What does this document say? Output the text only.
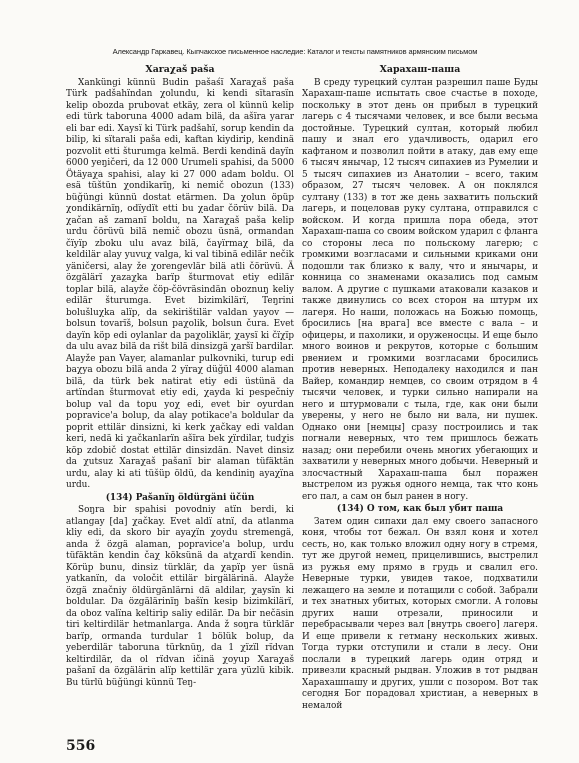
Александр Гаркавец. Кыпчакское письменное наследие: Каталог и тексты памятников армянским письмом
Xaraχaš paša

Xanküngi künnü Budin pašaśï Xaraχaš paša Türk padšahïndan χolundu, ki kendi sïtarasïn kelip obozda prubovat etkäy, zera ol künnü kelip edi türk taboruna 4000 adam bilä, da ašïra yarar eli bar edi. Xaysï ki Türk padšahï, sorup kendin da bilip, ki sïtarali paša edi, kaftan kiydirip, kendinä pozvolit etti šturumga kelmä. Berdi kendinä dayïn 6000 yeŋičeri, da 12 000 Urumeli spahisi, da 5000 Ötäyaχa spahisi, alay ki 27 000 adam boldu. Ol esä tüštün χondikarïŋ, ki nemič obozun (133) büğüngi künnü dostat etärmen. Da χolun öpüp χondikärnïŋ, odïydït etti bu χadar čörüv bilä. Da χačan aš zamanï boldu, na Xaraχaš paša kelip urdu čörüvü bilä nemič obozu üsnä, ormandan čïyïp zboku ulu avaz bilä, čaγïrmaχ bilä, da keldilär alay yuvuχ valga, ki val tibinä edilär nečik yäničersi, alay že χorengevlär bilä atli čörüvü. Ä özgälärï χazaχka barïp šturmovat etiy edilär toplar bilä, alayže čöp-čövräsindän oboznuŋ keliy edilär šturumga. Evet bizimkilärï, Teŋrini bolušluχka alïp, da sekirištilär valdan yayov — bolsun tovarïš, bolsun paχolik, bolsun čura. Evet dayïn köp edi oylanlar da paχoliklär, χaysï ki čïχïp da ulu avaz bilä da rišt bilä dinsizgä χaršï bardilar. Alayže pan Vayer, alamanlar pulkovniki, turup edi baχya obozu bilä anda 2 yïraχ düğül 4000 alaman bilä, da türk bek natirat etiy edi üstünä da artïndan šturmovat etiy edi, χayda ki pespečniy bolup val da topu yoχ edi, evet bir oyurdan popravice'a bolup, da alay potikace'a boldular da poprit ettilär dinsizni, ki kerk χačkay edi valdan keri, nedä ki χačkanlarïn ašïra bek χïrdilar, tudχis köp zdobič dostat ettilär dinsizdän. Navet dinsiz da χutsuz Xaraχaš pašanï bir alaman tüfäktän urdu, alay ki ati tüšüp öldü, da kendiniŋ ayaχïna urdu.

(134) Pašanïŋ öldürgäni üčün

Soŋra bir spahisi povodniy atïn berdi, ki atlangay [da] χačkay. Evet aldï atnï, da atlanma kliy edi, da skoro bir ayaχïn χoydu stremengä, anda ž özgä alaman, popravice'a bolup, urdu tüfäktän kendin čaχ köksünä da atχardï kendin. Körüp bunu, dinsiz türklär, da χapïp yer üsnä yatkanïn, da voločit ettilär birgälärinä. Alayže özgä značniy öldürgänlärni dä aldilar, χaysïn ki boldular. Da özgälärinïŋ bašïn kesip bizimkilärï, da oboz valïna keltirip saliy edilär. Da bir nečäsin tiri keltirdilär hetmanlarga. Anda ž soŋra türklär barïp, ormanda turdular 1 bölük bolup, da yeberdilär taboruna türknüŋ, da 1 χïzïl rïdvan keltirdilär, da ol rïdvan ičinä χoyup Xaraχaš pašanï da özgälärin alïp kettilär χara yüzlü kibik. Bu türlü büğüngi künnü Teŋ-

Харахаш-паша

В среду турецкий султан разрешил паше Буды Харахаш-паше испытать свое счастье в походе, поскольку в этот день он прибыл в турецкий лагерь с 4 тысячами человек, и все были весьма достойные. Турецкий султан, который любил пашу и знал его удачливость, одарил его кафтаном и позволил пойти в атаку, дав ему еще 6 тысяч янычар, 12 тысяч сипахиев из Румелии и 5 тысяч сипахиев из Анатолии – всего, таким образом, 27 тысяч человек. А он поклялся султану (133) в тот же день захватить польский лагерь, и поцеловав руку султана, отправился с войском. И когда пришла пора обеда, этот Харахаш-паша со своим войском ударил с фланга со стороны леса по польскому лагерю; с громкими возгласами и сильными криками они подошли так близко к валу, что и янычары, и конница со знаменами оказались под самым валом. А другие с пушками атаковали казаков и также двинулись со всех сторон на штурм их лагеря. Но наши, положась на Божью помощь, бросились [на врага] все вместе с вала – и офицеры, и пахолики, и оруженосцы. И еще было много воинов и рекрутов, которые с большим рвением и громкими возгласами бросились против неверных. Неподалеку находился и пан Вайер, командир немцев, со своим отрядом в 4 тысячи человек, и турки сильно напирали на него и штурмовали с тыла, где, как они были уверены, у него не было ни вала, ни пушек. Однако они [немцы] сразу построились и так погнали неверных, что тем пришлось бежать назад; они перебили очень многих убегающих и захватили у неверных много добычи. Неверный и злосчастный Харахаш-паша был поражен выстрелом из ружья одного немца, так что конь его пал, а сам он был ранен в ногу.

(134) О том, как был убит паша

Затем один сипахи дал ему своего запасного коня, чтобы тот бежал. Он взял коня и хотел сесть, но, как только вложил одну ногу в стремя, тут же другой немец, прицелившись, выстрелил из ружья ему прямо в грудь и свалил его. Неверные турки, увидев такое, подхватили лежащего на земле и потащили с собой. Забрали и тех знатных убитых, которых смогли. А головы других наши отрезали, приносили и перебрасывали через вал [внутрь своего] лагеря. И еще привели к гетману нескольких живых. Тогда турки отступили и стали в лесу. Они послали в турецкий лагерь один отряд и привезли красный рыдван. Уложив в тот рыдван Харахашпашу и других, ушли с позором. Вот так сегодня Бог порадовал христиан, а неверных в немалой

556
